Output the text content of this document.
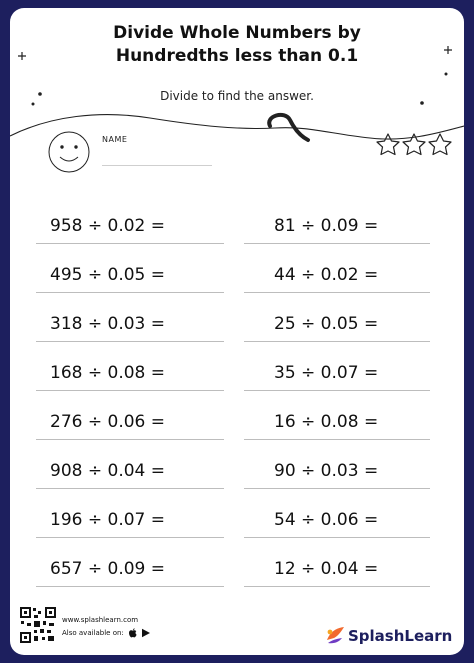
Divide Whole Numbers by
Hundredths less than 0.1
Divide to find the answer.
NAME
958 ÷ 0.02 =
495 ÷ 0.05 =
318 ÷ 0.03 =
168 ÷ 0.08 =
276 ÷ 0.06 =
908 ÷ 0.04 =
196 ÷ 0.07 =
657 ÷ 0.09 =
81 ÷ 0.09 =
44 ÷ 0.02 =
25 ÷ 0.05 =
35 ÷ 0.07 =
16 ÷ 0.08 =
90 ÷ 0.03 =
54 ÷ 0.06 =
12 ÷ 0.04 =
www.splashlearn.com
Also available on:	SplashLearn
